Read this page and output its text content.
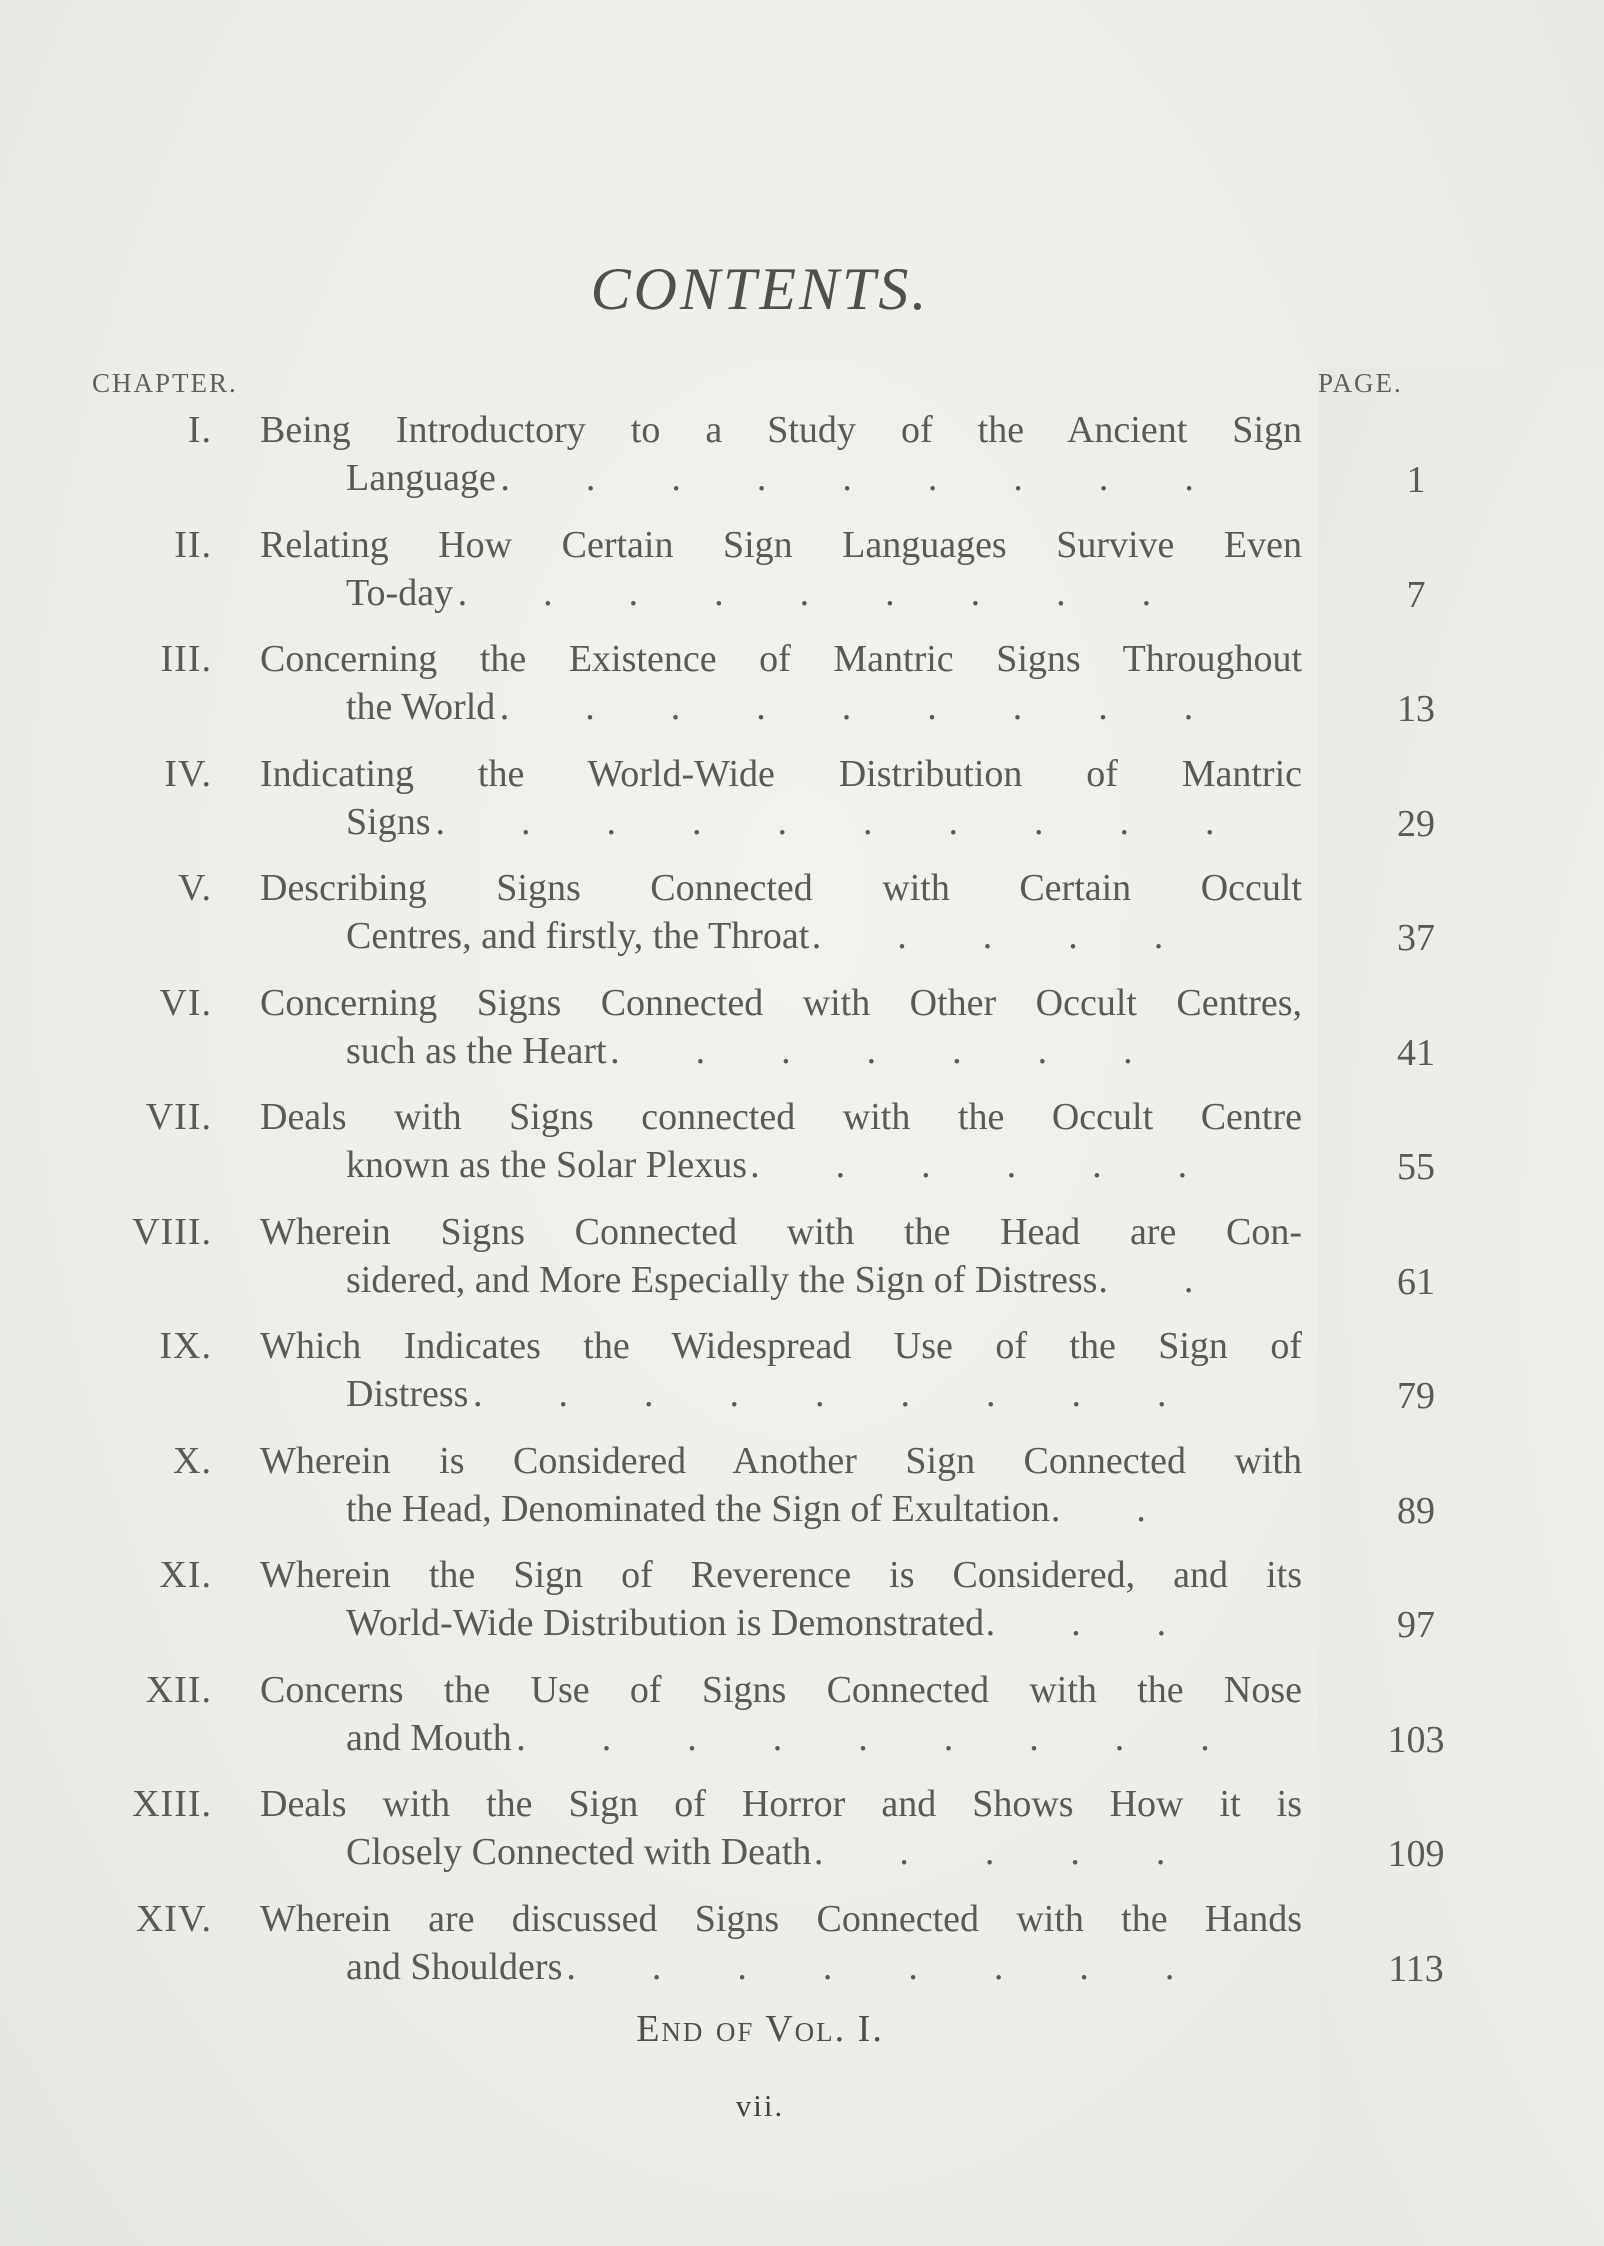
CONTENTS.
CHAPTER.	PAGE.
I. Being Introductory to a Study of the Ancient Sign
Language .........	1
II. Relating How Certain Sign Languages Survive Even
To-day .........	7
III. Concerning the Existence of Mantric Signs Throughout
the World .........	13
IV. Indicating the World-Wide Distribution of Mantric
Signs ..........	29
V. Describing Signs Connected with Certain Occult
Centres, and firstly, the Throat.....	37
VI. Concerning Signs Connected with Other Occult Centres,
such as the Heart.......	41
VII. Deals with Signs connected with the Occult Centre
known as the Solar Plexus......	55
VIII. Wherein Signs Connected with the Head are Con-
sidered, and More Especially the Sign of Distress..	61
IX. Which Indicates the Widespread Use of the Sign of
Distress .........	79
X. Wherein is Considered Another Sign Connected with
the Head, Denominated the Sign of Exultation..	89
XI. Wherein the Sign of Reverence is Considered, and its
World-Wide Distribution is Demonstrated...	97
XII. Concerns the Use of Signs Connected with the Nose
and Mouth .........	103
XIII. Deals with the Sign of Horror and Shows How it is
Closely Connected with Death.....	109
XIV. Wherein are discussed Signs Connected with the Hands
and Shoulders ........	113
End of Vol. I.
vii.
